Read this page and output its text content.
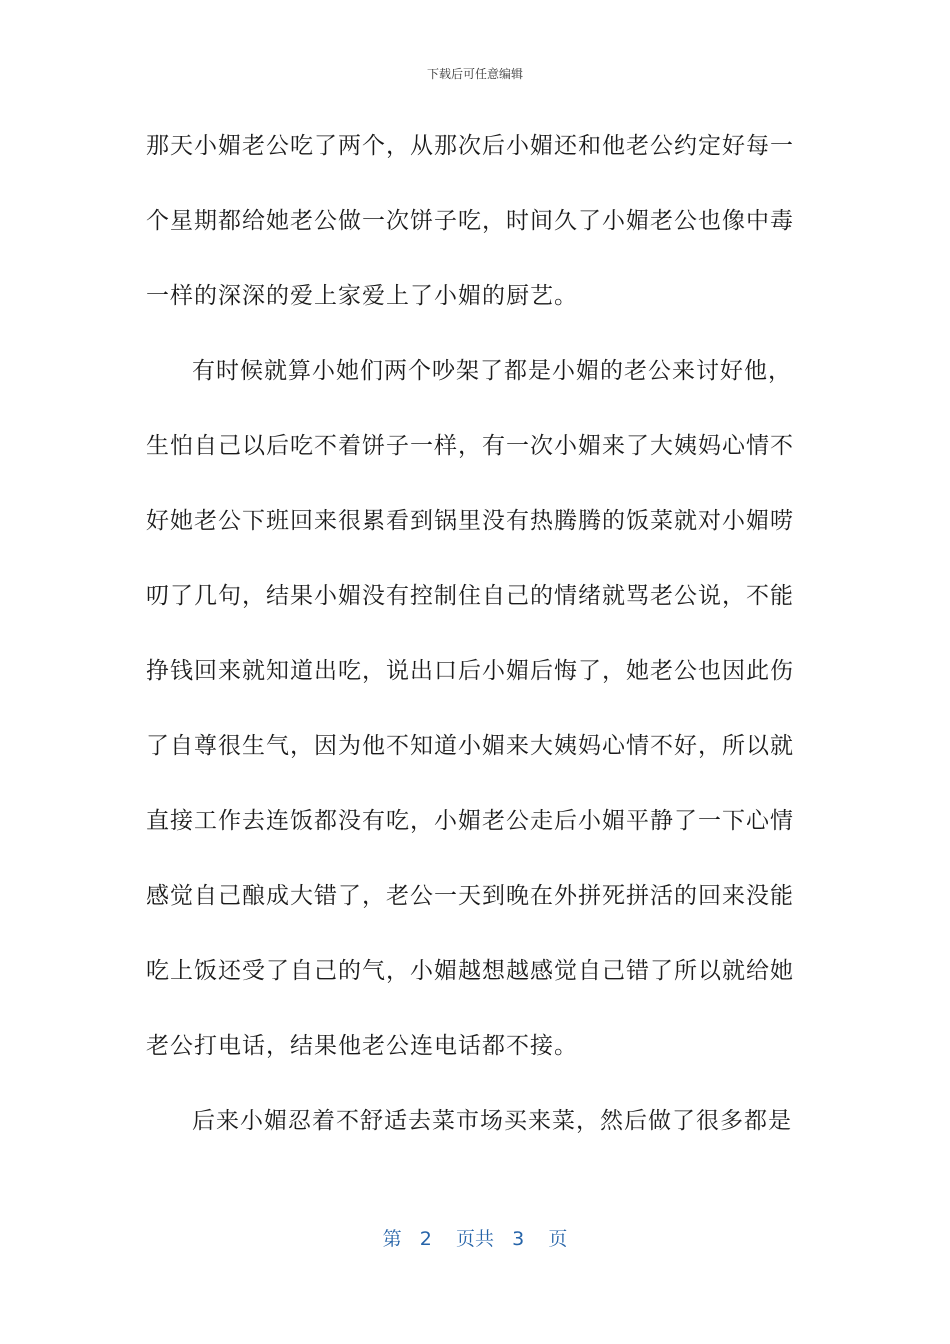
下载后可任意编辑
那天小媚老公吃了两个，从那次后小媚还和他老公约定好每一
个星期都给她老公做一次饼子吃，时间久了小媚老公也像中毒
一样的深深的爱上家爱上了小媚的厨艺。
有时候就算小她们两个吵架了都是小媚的老公来讨好他，
生怕自己以后吃不着饼子一样，有一次小媚来了大姨妈心情不
好她老公下班回来很累看到锅里没有热腾腾的饭菜就对小媚唠
叨了几句，结果小媚没有控制住自己的情绪就骂老公说，不能
挣钱回来就知道出吃，说出口后小媚后悔了，她老公也因此伤
了自尊很生气，因为他不知道小媚来大姨妈心情不好，所以就
直接工作去连饭都没有吃，小媚老公走后小媚平静了一下心情
感觉自己酿成大错了，老公一天到晚在外拼死拼活的回来没能
吃上饭还受了自己的气，小媚越想越感觉自己错了所以就给她
老公打电话，结果他老公连电话都不接。
后来小媚忍着不舒适去菜市场买来菜，然后做了很多都是
第 2 页共 3 页
